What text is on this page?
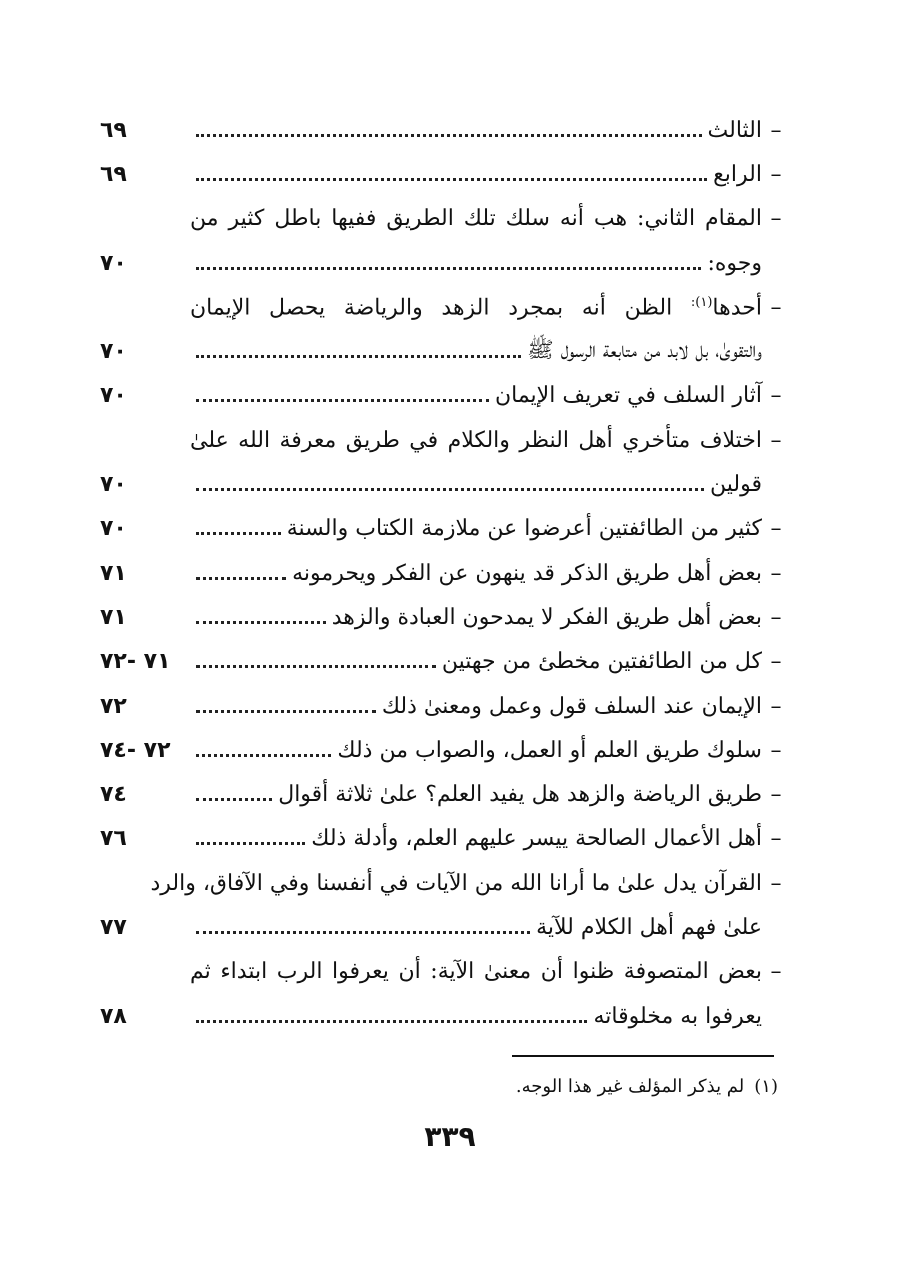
–
الثالث
٦٩
–
الرابع
٦٩
–
المقام الثاني: هب أنه سلك تلك الطريق ففيها باطل كثير من
وجوه:
٧٠
–
أحدها$^{(١):}$ الظن أنه بمجرد الزهد والرياضة يحصل الإيمان
والتقوىٰ، بل لابد من متابعة الرسول ﷺ
٧٠
–
آثار السلف في تعريف الإيمان
٧٠
–
اختلاف متأخري أهل النظر والكلام في طريق معرفة الله علىٰ
قولين
٧٠
–
كثير من الطائفتين أعرضوا عن ملازمة الكتاب والسنة
٧٠
–
بعض أهل طريق الذكر قد ينهون عن الفكر ويحرمونه
٧١
–
بعض أهل طريق الفكر لا يمدحون العبادة والزهد
٧١
–
كل من الطائفتين مخطئ من جهتين
٧١ -٧٢
–
الإيمان عند السلف قول وعمل ومعنىٰ ذلك
٧٢
–
سلوك طريق العلم أو العمل، والصواب من ذلك
٧٢ -٧٤
–
طريق الرياضة والزهد هل يفيد العلم؟ علىٰ ثلاثة أقوال
٧٤
–
أهل الأعمال الصالحة ييسر عليهم العلم، وأدلة ذلك
٧٦
–
القرآن يدل علىٰ ما أرانا الله من الآيات في أنفسنا وفي الآفاق، والرد
علىٰ فهم أهل الكلام للآية
٧٧
–
بعض المتصوفة ظنوا أن معنىٰ الآية: أن يعرفوا الرب ابتداء ثم
يعرفوا به مخلوقاته
٧٨
(١)لم يذكر المؤلف غير هذا الوجه.
٣٣٩
